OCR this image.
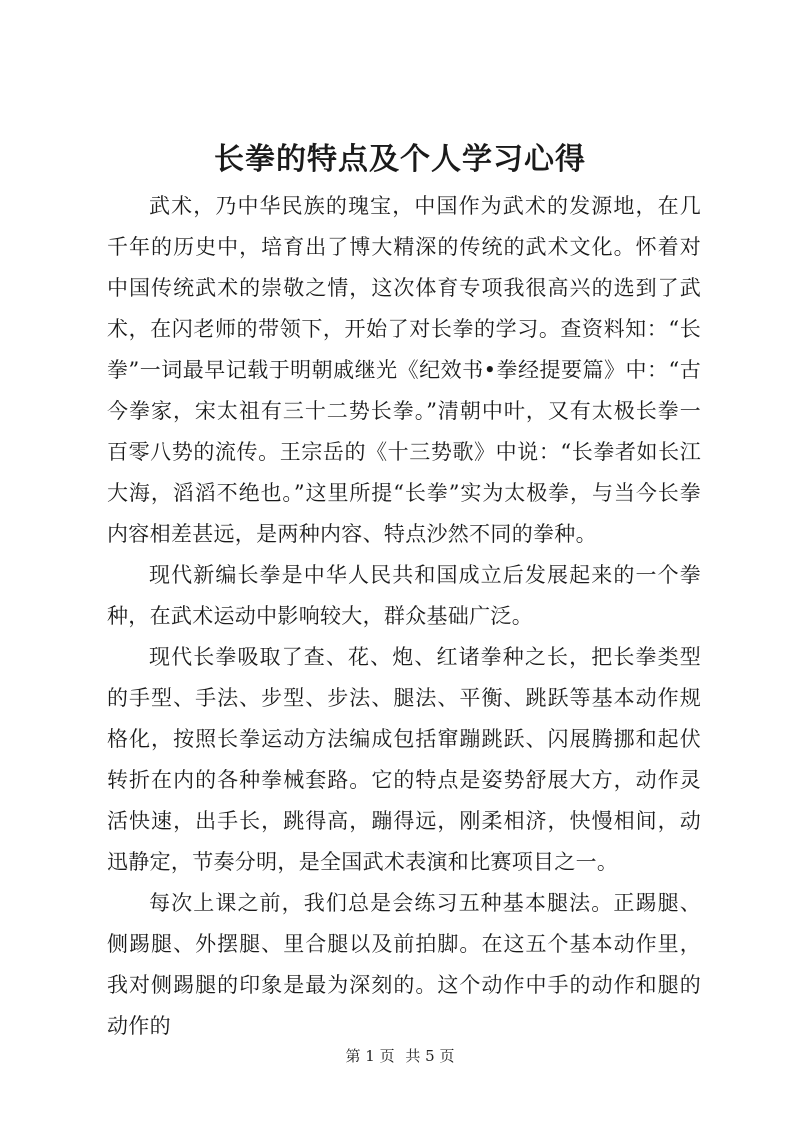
长拳的特点及个人学习心得

武术，乃中华民族的瑰宝，中国作为武术的发源地，在几千年的历史中，培育出了博大精深的传统的武术文化。怀着对中国传统武术的崇敬之情，这次体育专项我很高兴的选到了武术，在闪老师的带领下，开始了对长拳的学习。查资料知：“长拳”一词最早记载于明朝戚继光《纪效书•拳经提要篇》中：“古今拳家，宋太祖有三十二势长拳。”清朝中叶，又有太极长拳一百零八势的流传。王宗岳的《十三势歌》中说：“长拳者如长江大海，滔滔不绝也。”这里所提“长拳”实为太极拳，与当今长拳内容相差甚远，是两种内容、特点沙然不同的拳种。

现代新编长拳是中华人民共和国成立后发展起来的一个拳种，在武术运动中影响较大，群众基础广泛。

现代长拳吸取了查、花、炮、红诸拳种之长，把长拳类型的手型、手法、步型、步法、腿法、平衡、跳跃等基本动作规格化，按照长拳运动方法编成包括窜蹦跳跃、闪展腾挪和起伏转折在内的各种拳械套路。它的特点是姿势舒展大方，动作灵活快速，出手长，跳得高，蹦得远，刚柔相济，快慢相间，动迅静定，节奏分明，是全国武术表演和比赛项目之一。

每次上课之前，我们总是会练习五种基本腿法。正踢腿、侧踢腿、外摆腿、里合腿以及前拍脚。在这五个基本动作里，我对侧踢腿的印象是最为深刻的。这个动作中手的动作和腿的动作的

第 1 页 共 5 页
